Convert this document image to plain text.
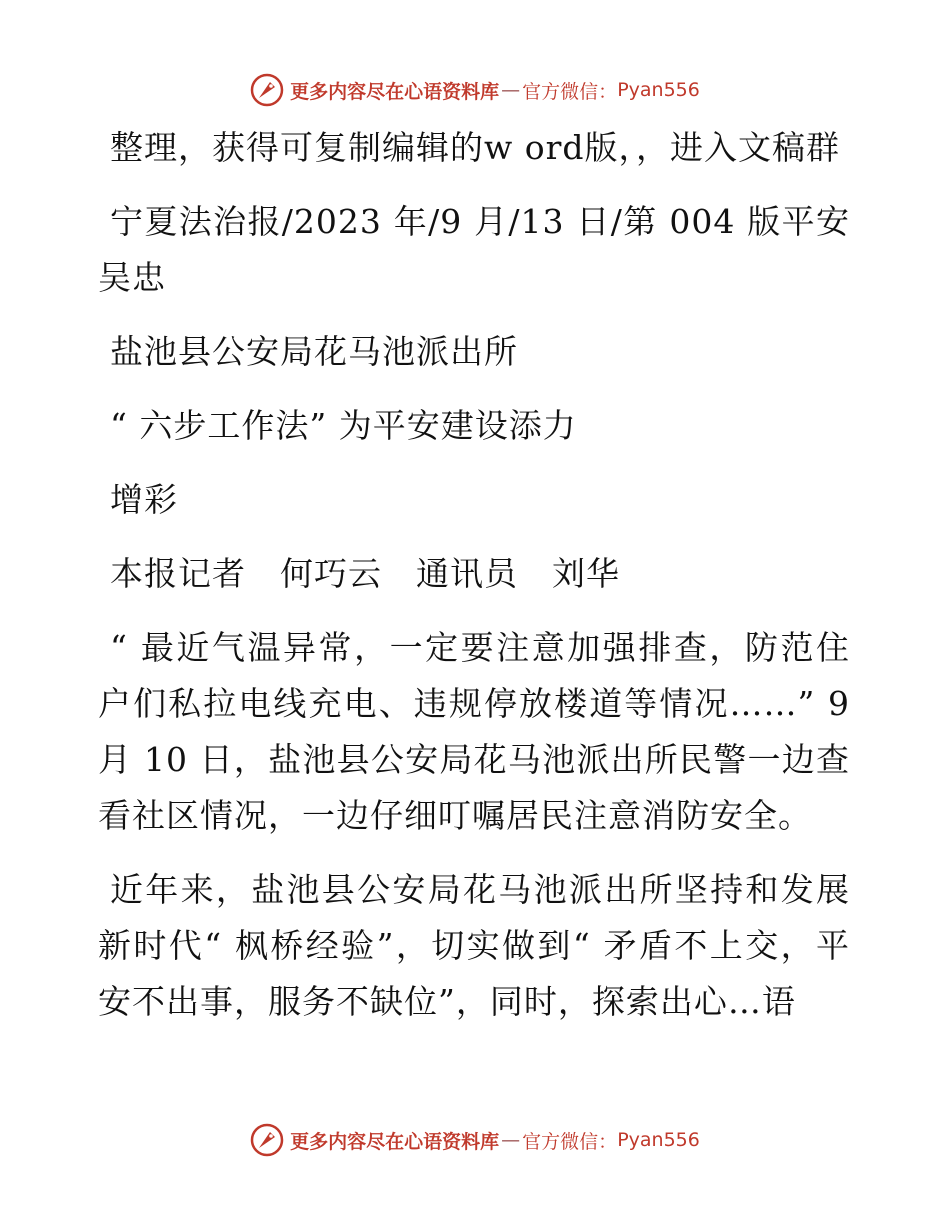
更多内容尽在心语资料库 — 官方微信： Pyan556

整理，获得可复制编辑的w ord版，，进入文稿群

宁夏法治报/2023 年/9 月/13 日/第 004 版平安吴忠

盐池县公安局花马池派出所

“ 六步工作法” 为平安建设添力

增彩

本报记者　何巧云　通讯员　刘华

“ 最近气温异常，一定要注意加强排查，防范住户们私拉电线充电、违规停放楼道等情况……” 9 月 10 日，盐池县公安局花马池派出所民警一边查看社区情况，一边仔细叮嘱居民注意消防安全。

近年来，盐池县公安局花马池派出所坚持和发展新时代“ 枫桥经验”，切实做到“ 矛盾不上交，平安不出事，服务不缺位”，同时，探索出心…语

更多内容尽在心语资料库 — 官方微信： Pyan556
